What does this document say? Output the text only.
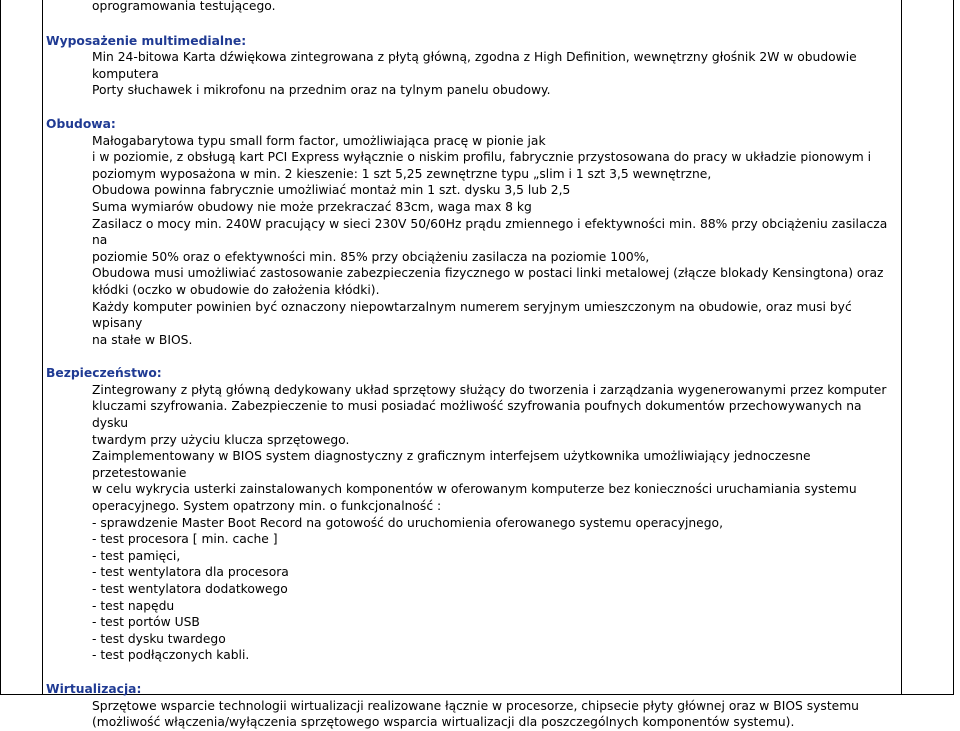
oprogramowania testującego.

Wyposażenie multimedialne:

Min 24-bitowa Karta dźwiękowa zintegrowana z płytą główną, zgodna z High Definition, wewnętrzny głośnik 2W w obudowie

komputera

Porty słuchawek i mikrofonu na przednim oraz na tylnym panelu obudowy.

Obudowa:

Małogabarytowa typu small form factor, umożliwiająca pracę w pionie jak

i w poziomie, z obsługą kart PCI Express wyłącznie o niskim profilu, fabrycznie przystosowana do pracy w układzie pionowym i

poziomym wyposażona w min. 2 kieszenie: 1 szt 5,25 zewnętrzne typu „slim i 1 szt 3,5 wewnętrzne,

Obudowa powinna fabrycznie umożliwiać montaż min 1 szt. dysku 3,5 lub 2,5

Suma wymiarów obudowy nie może przekraczać 83cm, waga max 8 kg

Zasilacz o mocy min. 240W pracujący w sieci 230V 50/60Hz prądu zmiennego i efektywności min. 88% przy obciążeniu zasilacza na

poziomie 50% oraz o efektywności min. 85% przy obciążeniu zasilacza na poziomie 100%,

Obudowa musi umożliwiać zastosowanie zabezpieczenia fizycznego w postaci linki metalowej (złącze blokady Kensingtona) oraz

kłódki (oczko w obudowie do założenia kłódki).

Każdy komputer powinien być oznaczony niepowtarzalnym numerem seryjnym umieszczonym na obudowie, oraz musi być wpisany

na stałe w BIOS.

Bezpieczeństwo:

Zintegrowany z płytą główną dedykowany układ sprzętowy służący do tworzenia i zarządzania wygenerowanymi przez komputer

kluczami szyfrowania. Zabezpieczenie to musi posiadać możliwość szyfrowania poufnych dokumentów przechowywanych na dysku

twardym przy użyciu klucza sprzętowego.

Zaimplementowany w BIOS system diagnostyczny z graficznym interfejsem użytkownika umożliwiający jednoczesne przetestowanie

w celu wykrycia usterki zainstalowanych komponentów w oferowanym komputerze bez konieczności uruchamiania systemu

operacyjnego. System opatrzony min. o funkcjonalność :

- sprawdzenie Master Boot Record na gotowość do uruchomienia oferowanego systemu operacyjnego,

- test procesora [ min. cache ]

- test pamięci,

- test wentylatora dla procesora

- test wentylatora dodatkowego

- test napędu

- test portów USB

- test dysku twardego

- test podłączonych kabli.

Wirtualizacja:

Sprzętowe wsparcie technologii wirtualizacji realizowane łącznie w procesorze, chipsecie płyty głównej oraz w BIOS systemu

(możliwość włączenia/wyłączenia sprzętowego wsparcia wirtualizacji dla poszczególnych komponentów systemu).
